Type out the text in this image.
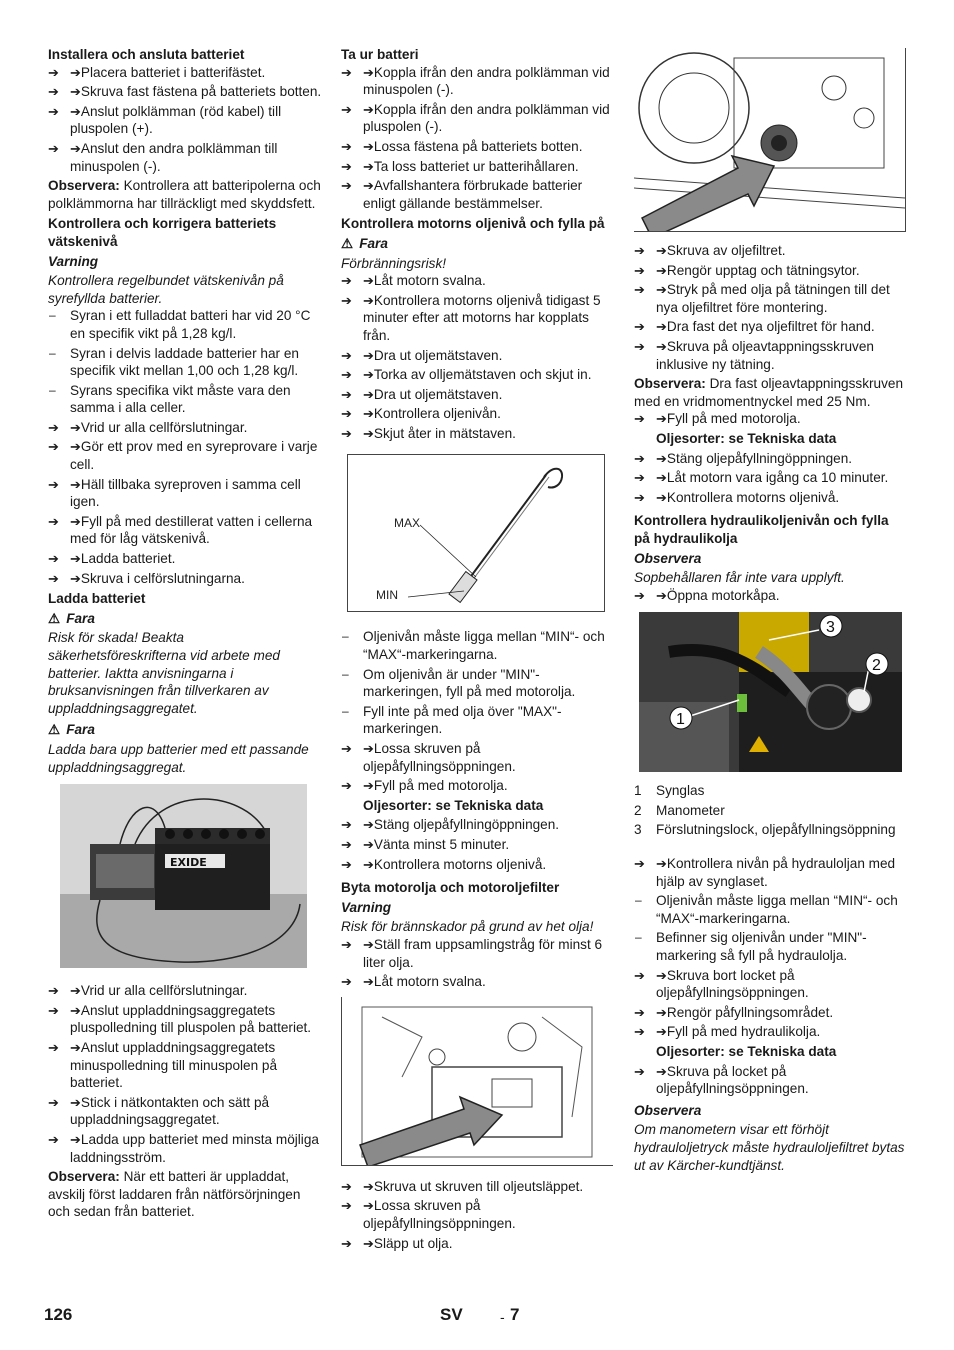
Installera och ansluta batteriet

➔
➔ Placera batteriet i batterifästet.
➔
➔ Skruva fast fästena på batteriets botten.
➔
➔ Anslut polklämman (röd kabel) till pluspolen (+).
➔
➔ Anslut den andra polklämman till minuspolen (-).

Observera: Kontrollera att batteripolerna och polklämmorna har tillräckligt med skyddsfett.

Kontrollera och korrigera batteriets vätskenivå

Varning

Kontrollera regelbundet vätskenivån på syrefyllda batterier.

–	Syran i ett fulladdat batteri har vid 20 °C en specifik vikt på 1,28 kg/l.
–	Syran i delvis laddade batterier har en specifik vikt mellan 1,00 och 1,28 kg/l.
–	Syrans specifika vikt måste vara den samma i alla celler.
➔
➔ Vrid ur alla cellförslutningar.
➔
➔ Gör ett prov med en syreprovare i varje cell.
➔
➔ Häll tillbaka syreproven i samma cell igen.
➔
➔ Fyll på med destillerat vatten i cellerna med för låg vätskenivå.
➔
➔ Ladda batteriet.
➔
➔ Skruva i celförslutningarna.

Ladda batteriet

⚠ Fara

Risk för skada! Beakta säkerhetsföreskrifterna vid arbete med batterier. Iaktta anvisningarna i bruksanvisningen från tillverkaren av uppladdningsaggregatet.

⚠ Fara

Ladda bara upp batterier med ett passande uppladdningsaggregat.

EXIDE
➔
➔ Vrid ur alla cellförslutningar.
➔
➔ Anslut uppladdningsaggregatets pluspolledning till pluspolen på batteriet.
➔
➔ Anslut uppladdningsaggregatets minuspolledning till minuspolen på batteriet.
➔
➔ Stick i nätkontakten och sätt på uppladdningsaggregatet.
➔
➔ Ladda upp batteriet med minsta möjliga laddningsström.

Observera: När ett batteri är uppladdat, avskilj först laddaren från nätförsörjningen och sedan från batteriet.

Ta ur batteri

➔
➔ Koppla ifrån den andra polklämman vid minuspolen (-).
➔
➔ Koppla ifrån den andra polklämman vid pluspolen (-).
➔
➔ Lossa fästena på batteriets botten.
➔
➔ Ta loss batteriet ur batterihållaren.
➔
➔ Avfallshantera förbrukade batterier enligt gällande bestämmelser.

Kontrollera motorns oljenivå och fylla på

⚠ Fara

Förbränningsrisk!

➔
➔ Låt motorn svalna.
➔
➔ Kontrollera motorns oljenivå tidigast 5 minuter efter att motorns har kopplats från.
➔
➔ Dra ut oljemätstaven.
➔
➔ Torka av olljemätstaven och skjut in.
➔
➔ Dra ut oljemätstaven.
➔
➔ Kontrollera oljenivån.
➔
➔ Skjut åter in mätstaven.
MAX
MIN
–	Oljenivån måste ligga mellan “MIN“- och “MAX“-markeringarna.
–	Om oljenivån är under "MIN"-markeringen, fyll på med motorolja.
–	Fyll inte på med olja över "MAX"-markeringen.
➔
➔ Lossa skruven på oljepåfyllningsöppningen.
➔
➔ Fyll på med motorolja.

Oljesorter: se Tekniska data

➔
➔ Stäng oljepåfyllningöppningen.
➔
➔ Vänta minst 5 minuter.
➔
➔ Kontrollera motorns oljenivå.

Byta motorolja och motoroljefilter

Varning

Risk för brännskador på grund av het olja!

➔
➔ Ställ fram uppsamlingstråg för minst 6 liter olja.
➔
➔ Låt motorn svalna.
➔
➔ Skruva ut skruven till oljeutsläppet.
➔
➔ Lossa skruven på oljepåfyllningsöppningen.
➔
➔ Släpp ut olja.
➔
➔ Skruva av oljefiltret.
➔
➔ Rengör upptag och tätningsytor.
➔
➔ Stryk på med olja på tätningen till det nya oljefiltret före montering.
➔
➔ Dra fast det nya oljefiltret för hand.
➔
➔ Skruva på oljeavtappningsskruven inklusive ny tätning.

Observera: Dra fast oljeavtappningsskruven med en vridmomentnyckel med 25 Nm.

➔
➔ Fyll på med motorolja.

Oljesorter: se Tekniska data

➔
➔ Stäng oljepåfyllningöppningen.
➔
➔ Låt motorn vara igång ca 10 minuter.
➔
➔ Kontrollera motorns oljenivå.

Kontrollera hydraulikoljenivån och fylla på hydraulikolja

Observera

Sopbehållaren får inte vara upplyft.

➔
➔ Öppna motorkåpa.
1
2
3
1	Synglas
2	Manometer
3	Förslutningslock, oljepåfyllningsöppning
➔
➔ Kontrollera nivån på hydrauloljan med hjälp av synglaset.
–	Oljenivån måste ligga mellan “MIN“- och “MAX“-markeringarna.
–	Befinner sig oljenivån under "MIN"-markering så fyll på hydraulolja.
➔
➔ Skruva bort locket på oljepåfyllningsöppningen.
➔
➔ Rengör påfyllningsområdet.
➔
➔ Fyll på med hydraulikolja.

Oljesorter: se Tekniska data

➔
➔ Skruva på locket på oljepåfyllningsöppningen.

Observera

Om manometern visar ett förhöjt hydrauloljetryck måste hydrauloljefiltret bytas ut av Kärcher-kundtjänst.

126	SV	- 7
